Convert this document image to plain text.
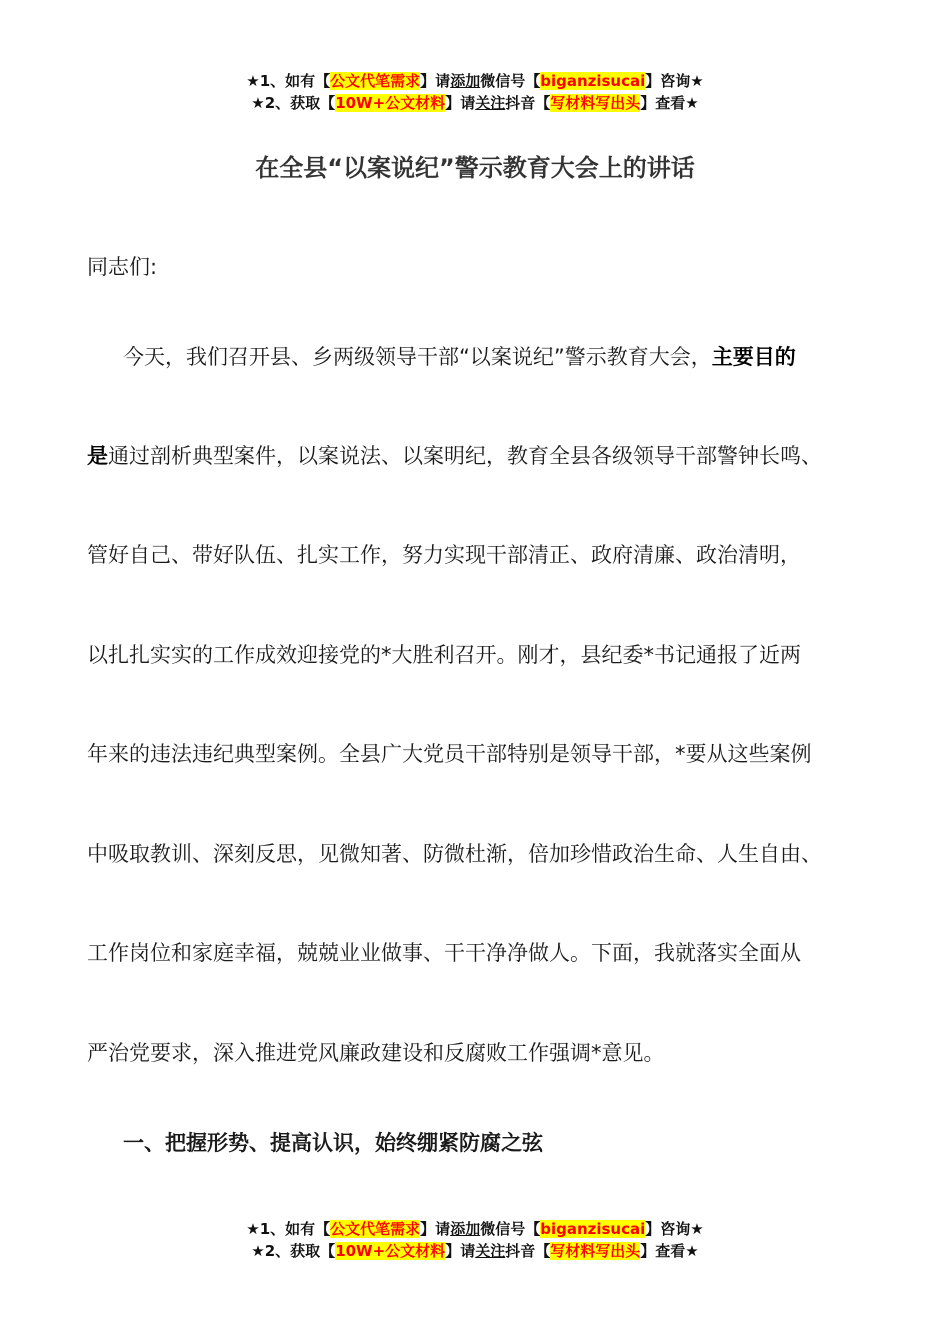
★1、如有【公文代笔需求】请添加微信号【biganzisucai】咨询★
★2、获取【10W+公文材料】请关注抖音【写材料写出头】查看★
在全县“以案说纪”警示教育大会上的讲话
同志们:
今天，我们召开县、乡两级领导干部“以案说纪”警示教育大会，主要目的
是通过剖析典型案件，以案说法、以案明纪，教育全县各级领导干部警钟长鸣、
管好自己、带好队伍、扎实工作，努力实现干部清正、政府清廉、政治清明，
以扎扎实实的工作成效迎接党的*大胜利召开。刚才，县纪委*书记通报了近两
年来的违法违纪典型案例。全县广大党员干部特别是领导干部，*要从这些案例
中吸取教训、深刻反思，见微知著、防微杜渐，倍加珍惜政治生命、人生自由、
工作岗位和家庭幸福，兢兢业业做事、干干净净做人。下面，我就落实全面从
严治党要求，深入推进党风廉政建设和反腐败工作强调*意见。
一、把握形势、提高认识，始终绷紧防腐之弦
★1、如有【公文代笔需求】请添加微信号【biganzisucai】咨询★
★2、获取【10W+公文材料】请关注抖音【写材料写出头】查看★
